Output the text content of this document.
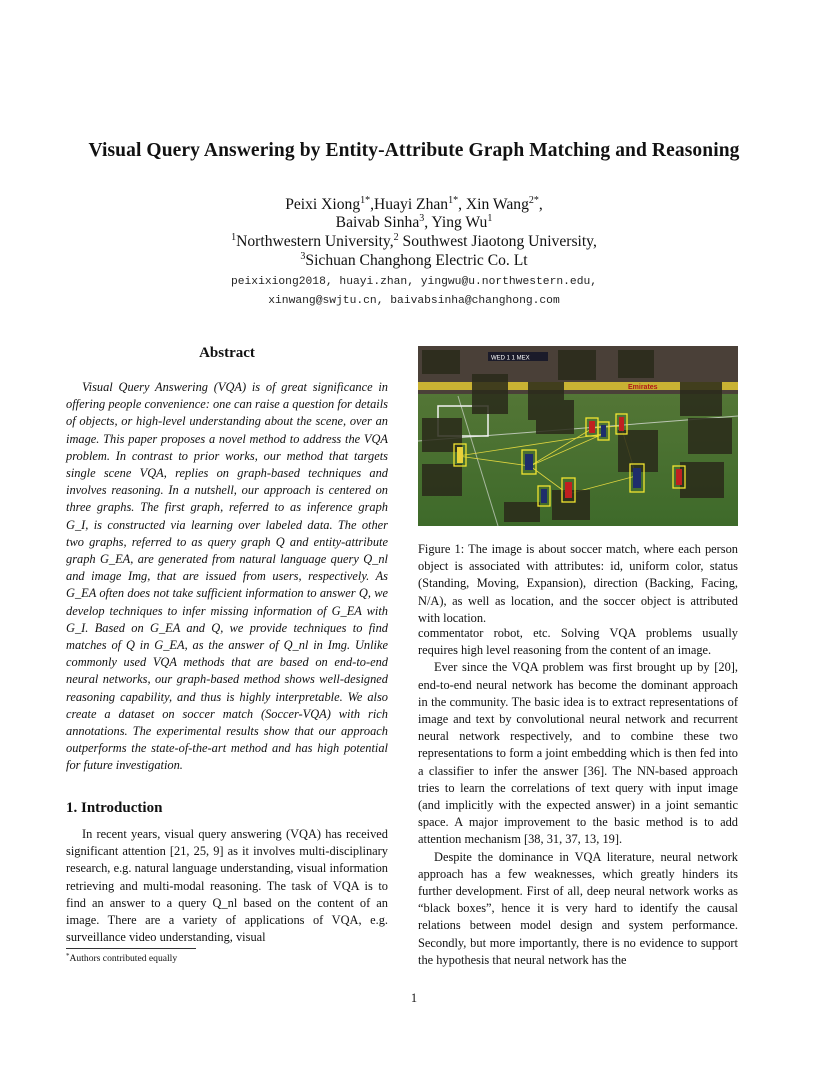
Visual Query Answering by Entity-Attribute Graph Matching and Reasoning
Peixi Xiong$^{1*}$,Huayi Zhan$^{1*}$, Xin Wang$^{2*}$,
Baivab Sinha$^3$, Ying Wu$^1$
$^1$Northwestern University,$^2$ Southwest Jiaotong University,
$^3$Sichuan Changhong Electric Co. Lt
peixixiong2018, huayi.zhan, yingwu@u.northwestern.edu,
xinwang@swjtu.cn, baivabsinha@changhong.com
Abstract
Visual Query Answering (VQA) is of great significance in offering people convenience: one can raise a question for details of objects, or high-level understanding about the scene, over an image. This paper proposes a novel method to address the VQA problem. In contrast to prior works, our method that targets single scene VQA, replies on graph-based techniques and involves reasoning. In a nutshell, our approach is centered on three graphs. The first graph, referred to as inference graph G_I, is constructed via learning over labeled data. The other two graphs, referred to as query graph Q and entity-attribute graph G_EA, are generated from natural language query Q_nl and image Img, that are issued from users, respectively. As G_EA often does not take sufficient information to answer Q, we develop techniques to infer missing information of G_EA with G_I. Based on G_EA and Q, we provide techniques to find matches of Q in G_EA, as the answer of Q_nl in Img. Unlike commonly used VQA methods that are based on end-to-end neural networks, our graph-based method shows well-designed reasoning capability, and thus is highly interpretable. We also create a dataset on soccer match (Soccer-VQA) with rich annotations. The experimental results show that our approach outperforms the state-of-the-art method and has high potential for future investigation.
1. Introduction
In recent years, visual query answering (VQA) has received significant attention [21, 25, 9] as it involves multi-disciplinary research, e.g. natural language understanding, visual information retrieving and multi-modal reasoning. The task of VQA is to find an answer to a query Q_nl based on the content of an image. There are a variety of applications of VQA, e.g. surveillance video understanding, visual
*Authors contributed equally
Emirates
WED 1 1 MEX
Figure 1: The image is about soccer match, where each person object is associated with attributes: id, uniform color, status (Standing, Moving, Expansion), direction (Backing, Facing, N/A), as well as location, and the soccer object is attributed with location.

commentator robot, etc. Solving VQA problems usually requires high level reasoning from the content of an image.

Ever since the VQA problem was first brought up by [20], end-to-end neural network has become the dominant approach in the community. The basic idea is to extract representations of image and text by convolutional neural network and recurrent neural network respectively, and to combine these two representations to form a joint embedding which is then fed into a classifier to infer the answer [36]. The NN-based approach tries to learn the correlations of text query with input image (and implicitly with the expected answer) in a joint semantic space. A major improvement to the basic method is to add attention mechanism [38, 31, 37, 13, 19].

Despite the dominance in VQA literature, neural network approach has a few weaknesses, which greatly hinders its further development. First of all, deep neural network works as “black boxes”, hence it is very hard to identify the causal relations between model design and system performance. Secondly, but more importantly, there is no evidence to support the hypothesis that neural network has the

1
